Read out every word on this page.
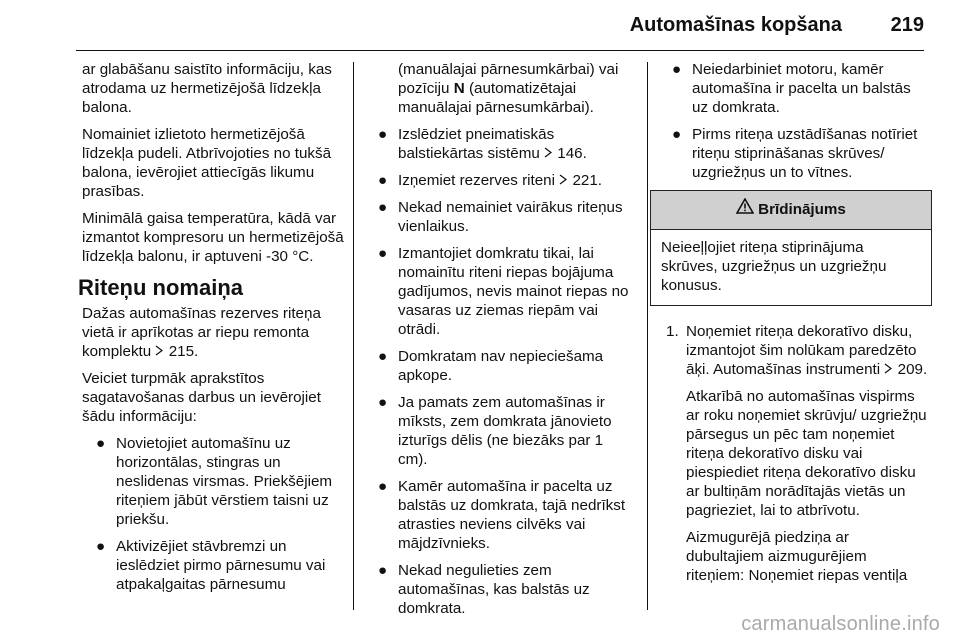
Automašīnas kopšana 219

ar glabāšanu saistīto informāciju, kas atrodama uz hermetizējošā līdzekļa balona.

Nomainiet izlietoto hermetizējošā līdzekļa pudeli. Atbrīvojoties no tukšā balona, ievērojiet attiecīgās likumu prasības.

Minimālā gaisa temperatūra, kādā var izmantot kompresoru un hermetizējošā līdzekļa balonu, ir aptuveni -30 °C.

Riteņu nomaiņa

Dažas automašīnas rezerves riteņa vietā ir aprīkotas ar riepu remonta komplektu 215.

Veiciet turpmāk aprakstītos sagatavošanas darbus un ievērojiet šādu informāciju:

● Novietojiet automašīnu uz horizontālas, stingras un neslidenas virsmas. Priekšējiem riteņiem jābūt vērstiem taisni uz priekšu.
● Aktivizējiet stāvbremzi un ieslēdziet pirmo pārnesumu vai atpakaļgaitas pārnesumu

(manuālajai pārnesumkārbai) vai pozīciju N (automatizētajai manuālajai pārnesumkārbai).

● Izslēdziet pneimatiskās balstiekārtas sistēmu 146.
● Izņemiet rezerves riteni 221.
● Nekad nemainiet vairākus riteņus vienlaikus.
● Izmantojiet domkratu tikai, lai nomainītu riteni riepas bojājuma gadījumos, nevis mainot riepas no vasaras uz ziemas riepām vai otrādi.
● Domkratam nav nepieciešama apkope.
● Ja pamats zem automašīnas ir mīksts, zem domkrata jānovieto izturīgs dēlis (ne biezāks par 1 cm).
● Kamēr automašīna ir pacelta uz balstās uz domkrata, tajā nedrīkst atrasties neviens cilvēks vai mājdzīvnieks.
● Nekad negulieties zem automašīnas, kas balstās uz domkrata.
● Neiedarbiniet motoru, kamēr automašīna ir pacelta un balstās uz domkrata.
● Pirms riteņa uzstādīšanas notīriet riteņu stiprināšanas skrūves/ uzgriežņus un to vītnes.
Brīdinājums
Neieeļļojiet riteņa stiprinājuma skrūves, uzgriežņus un uzgriežņu konusus.
1. Noņemiet riteņa dekoratīvo disku, izmantojot šim nolūkam paredzēto āķi. Automašīnas instrumenti 209.
Atkarībā no automašīnas vispirms ar roku noņemiet skrūvju/ uzgriežņu pārsegus un pēc tam noņemiet riteņa dekoratīvo disku vai piespiediet riteņa dekoratīvo disku ar bultiņām norādītajās vietās un pagrieziet, lai to atbrīvotu.
Aizmugurējā piedziņa ar dubultajiem aizmugurējiem riteņiem: Noņemiet riepas ventiļa
carmanualsonline.info
